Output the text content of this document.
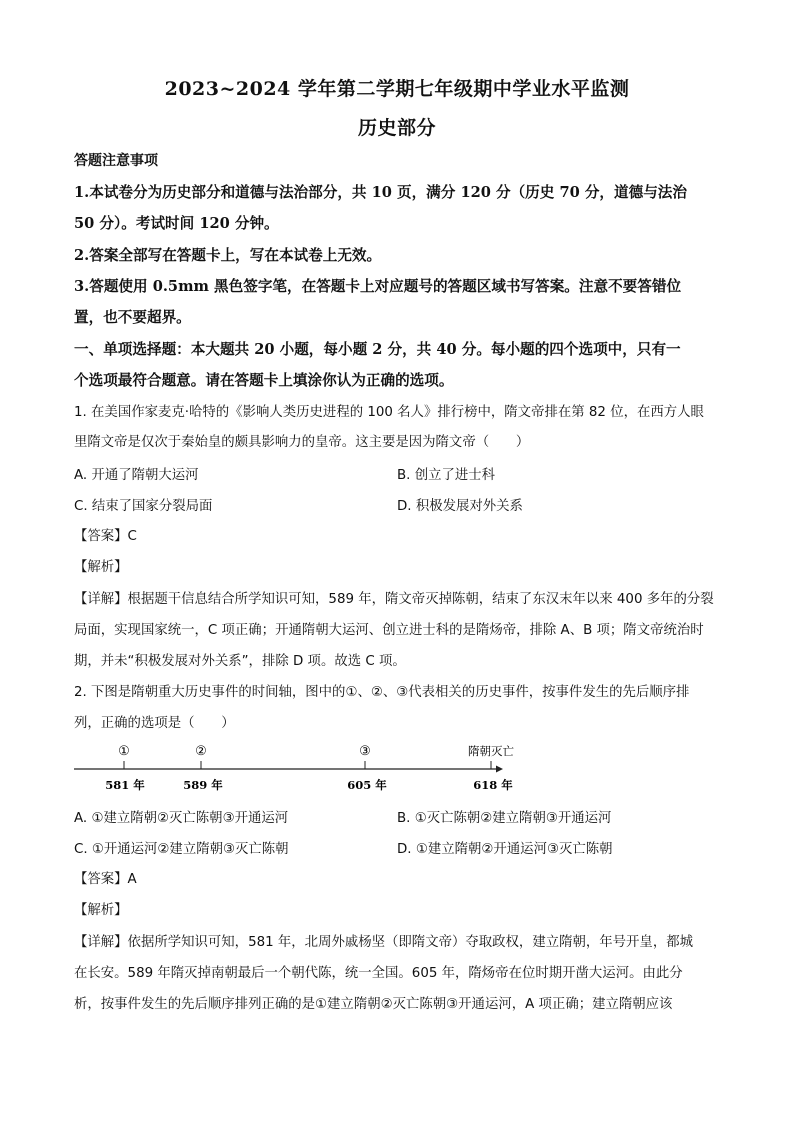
2023~2024 学年第二学期七年级期中学业水平监测
历史部分
答题注意事项
1.本试卷分为历史部分和道德与法治部分，共 10 页，满分 120 分（历史 70 分，道德与法治
50 分）。考试时间 120 分钟。
2.答案全部写在答题卡上，写在本试卷上无效。
3.答题使用 0.5mm 黑色签字笔，在答题卡上对应题号的答题区域书写答案。注意不要答错位
置，也不要超界。
一、单项选择题：本大题共 20 小题，每小题 2 分，共 40 分。每小题的四个选项中，只有一
个选项最符合题意。请在答题卡上填涂你认为正确的选项。
1. 在美国作家麦克·哈特的《影响人类历史进程的 100 名人》排行榜中，隋文帝排在第 82 位，在西方人眼
里隋文帝是仅次于秦始皇的颇具影响力的皇帝。这主要是因为隋文帝（　　）
A. 开通了隋朝大运河	B. 创立了进士科
C. 结束了国家分裂局面	D. 积极发展对外关系
【答案】C
【解析】
【详解】根据题干信息结合所学知识可知，589 年，隋文帝灭掉陈朝，结束了东汉末年以来 400 多年的分裂
局面，实现国家统一，C 项正确；开通隋朝大运河、创立进士科的是隋炀帝，排除 A、B 项；隋文帝统治时
期，并未“积极发展对外关系”，排除 D 项。故选 C 项。
2. 下图是隋朝重大历史事件的时间轴，图中的①、②、③代表相关的历史事件，按事件发生的先后顺序排
列，正确的选项是（　　）
①	②	③	隋朝灭亡
581 年	589 年	605 年	618 年
A. ①建立隋朝②灭亡陈朝③开通运河	B. ①灭亡陈朝②建立隋朝③开通运河
C. ①开通运河②建立隋朝③灭亡陈朝	D. ①建立隋朝②开通运河③灭亡陈朝
【答案】A
【解析】
【详解】依据所学知识可知，581 年，北周外戚杨坚（即隋文帝）夺取政权，建立隋朝，年号开皇，都城
在长安。589 年隋灭掉南朝最后一个朝代陈，统一全国。605 年，隋炀帝在位时期开凿大运河。由此分
析，按事件发生的先后顺序排列正确的是①建立隋朝②灭亡陈朝③开通运河，A 项正确；建立隋朝应该
